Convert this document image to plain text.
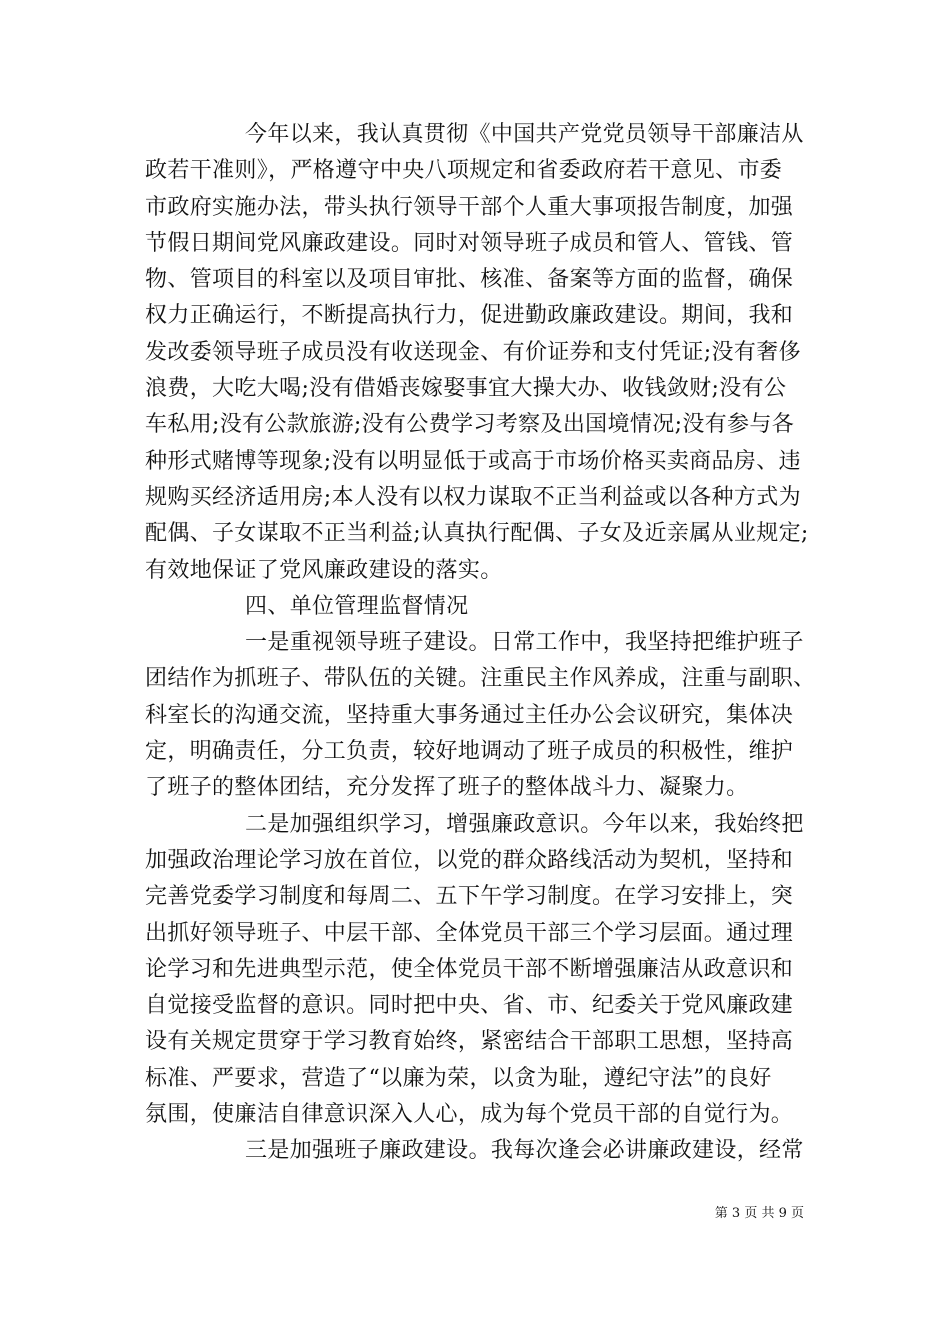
今年以来，我认真贯彻《中国共产党党员领导干部廉洁从
政若干准则》，严格遵守中央八项规定和省委政府若干意见、市委
市政府实施办法，带头执行领导干部个人重大事项报告制度，加强
节假日期间党风廉政建设。同时对领导班子成员和管人、管钱、管
物、管项目的科室以及项目审批、核准、备案等方面的监督，确保
权力正确运行，不断提高执行力，促进勤政廉政建设。期间，我和
发改委领导班子成员没有收送现金、有价证券和支付凭证;没有奢侈
浪费，大吃大喝;没有借婚丧嫁娶事宜大操大办、收钱敛财;没有公
车私用;没有公款旅游;没有公费学习考察及出国境情况;没有参与各
种形式赌博等现象;没有以明显低于或高于市场价格买卖商品房、违
规购买经济适用房;本人没有以权力谋取不正当利益或以各种方式为
配偶、子女谋取不正当利益;认真执行配偶、子女及近亲属从业规定;
有效地保证了党风廉政建设的落实。
四、单位管理监督情况
一是重视领导班子建设。日常工作中，我坚持把维护班子
团结作为抓班子、带队伍的关键。注重民主作风养成，注重与副职、
科室长的沟通交流，坚持重大事务通过主任办公会议研究，集体决
定，明确责任，分工负责，较好地调动了班子成员的积极性，维护
了班子的整体团结，充分发挥了班子的整体战斗力、凝聚力。
二是加强组织学习，增强廉政意识。今年以来，我始终把
加强政治理论学习放在首位，以党的群众路线活动为契机，坚持和
完善党委学习制度和每周二、五下午学习制度。在学习安排上，突
出抓好领导班子、中层干部、全体党员干部三个学习层面。通过理
论学习和先进典型示范，使全体党员干部不断增强廉洁从政意识和
自觉接受监督的意识。同时把中央、省、市、纪委关于党风廉政建
设有关规定贯穿于学习教育始终，紧密结合干部职工思想，坚持高
标准、严要求，营造了“以廉为荣，以贪为耻，遵纪守法”的良好
氛围，使廉洁自律意识深入人心，成为每个党员干部的自觉行为。
三是加强班子廉政建设。我每次逢会必讲廉政建设，经常
第 3 页 共 9 页
